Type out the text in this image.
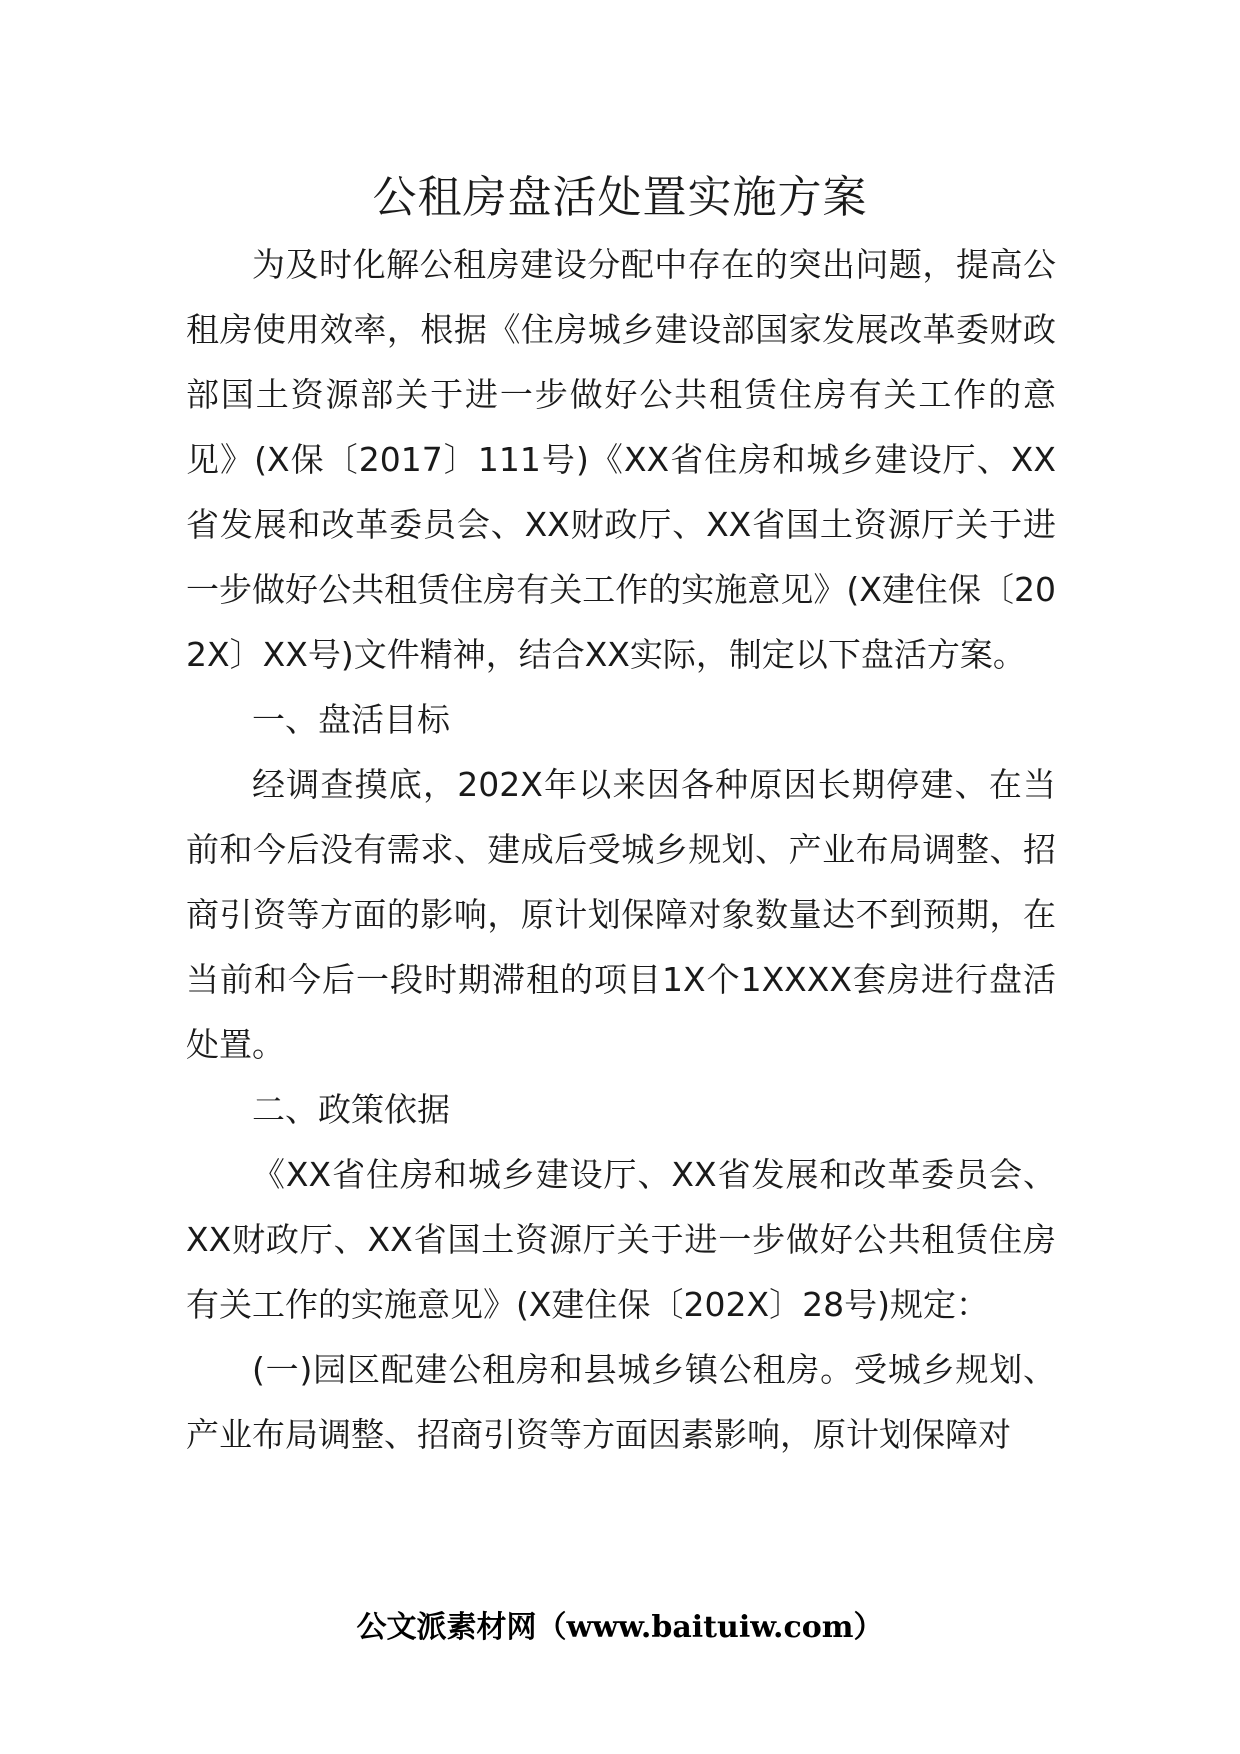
公租房盘活处置实施方案

为及时化解公租房建设分配中存在的突出问题，提高公租房使用效率，根据《住房城乡建设部国家发展改革委财政部国土资源部关于进一步做好公共租赁住房有关工作的意见》(X保〔2017〕111号)《XX省住房和城乡建设厅、XX省发展和改革委员会、XX财政厅、XX省国土资源厅关于进一步做好公共租赁住房有关工作的实施意见》(X建住保〔202X〕XX号)文件精神，结合XX实际，制定以下盘活方案。

一、盘活目标

经调查摸底，202X年以来因各种原因长期停建、在当前和今后没有需求、建成后受城乡规划、产业布局调整、招商引资等方面的影响，原计划保障对象数量达不到预期，在当前和今后一段时期滞租的项目1X个1XXXX套房进行盘活处置。

二、政策依据

《XX省住房和城乡建设厅、XX省发展和改革委员会、XX财政厅、XX省国土资源厅关于进一步做好公共租赁住房有关工作的实施意见》(X建住保〔202X〕28号)规定：

(一)园区配建公租房和县城乡镇公租房。受城乡规划、产业布局调整、招商引资等方面因素影响，原计划保障对

公文派素材网（www.baituiw.com）
